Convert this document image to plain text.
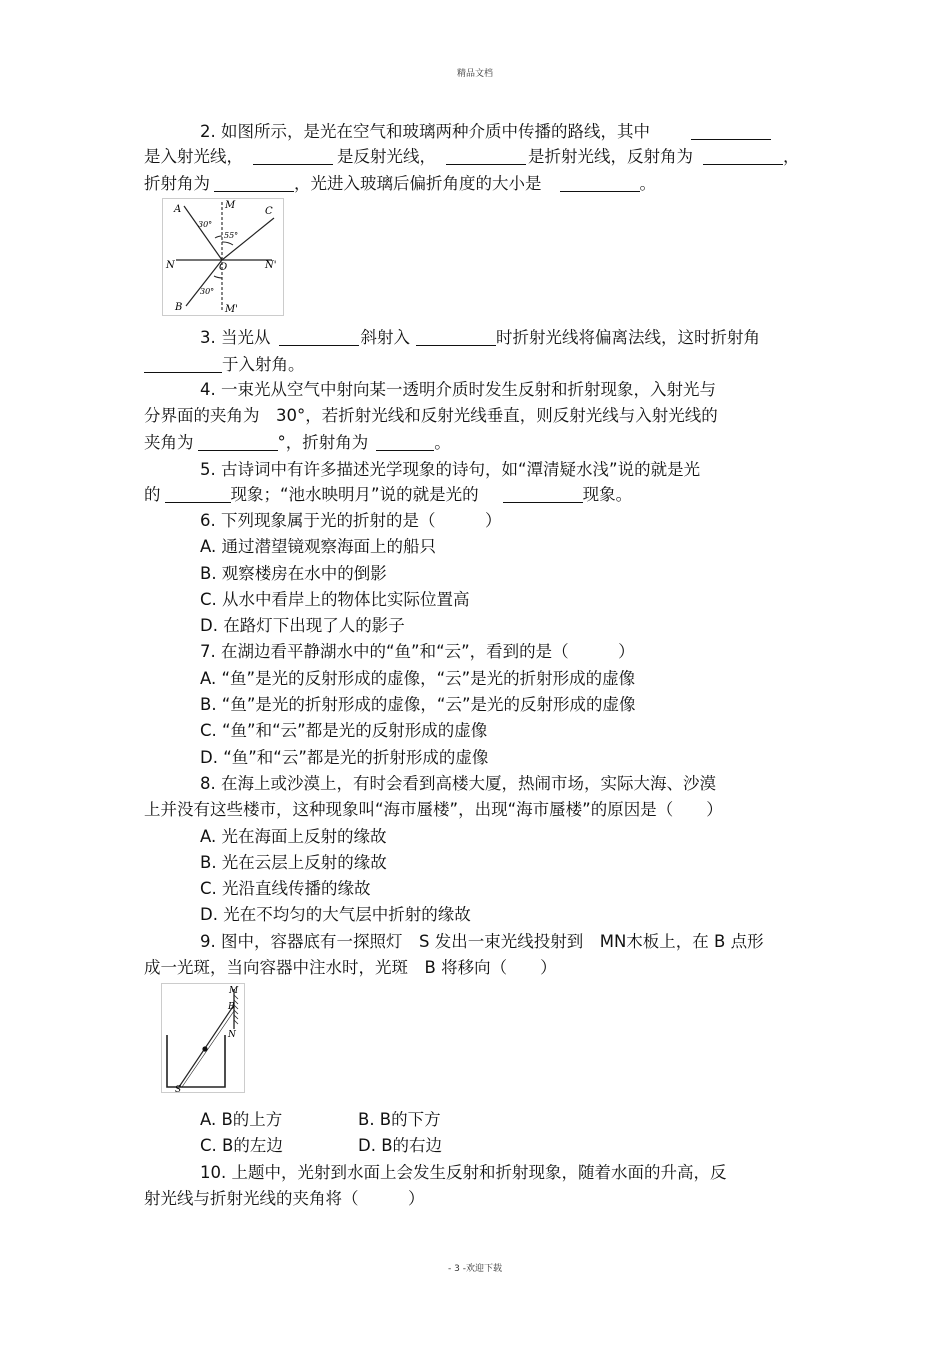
精品文档
2. 如图所示，是光在空气和玻璃两种介质中传播的路线，其中
是入射光线，	是反射光线，	是折射光线，反射角为	，
折射角为	，光进入玻璃后偏折角度的大小是	。
A	M
C
N	O	N'
B	M'
30°
55°
30°
3. 当光从	斜射入	时折射光线将偏离法线，这时折射角
于入射角。
4. 一束光从空气中射向某一透明介质时发生反射和折射现象，入射光与
分界面的夹角为　30°，若折射光线和反射光线垂直，则反射光线与入射光线的
夹角为	°，折射角为	。
5. 古诗词中有许多描述光学现象的诗句，如“潭清疑水浅”说的就是光
的	现象；“池水映明月”说的就是光的	现象。
6. 下列现象属于光的折射的是（　　　）
A. 通过潜望镜观察海面上的船只
B. 观察楼房在水中的倒影
C. 从水中看岸上的物体比实际位置高
D. 在路灯下出现了人的影子
7. 在湖边看平静湖水中的“鱼”和“云”，看到的是（　　　）
A. “鱼”是光的反射形成的虚像，“云”是光的折射形成的虚像
B. “鱼”是光的折射形成的虚像，“云”是光的反射形成的虚像
C. “鱼”和“云”都是光的反射形成的虚像
D. “鱼”和“云”都是光的折射形成的虚像
8. 在海上或沙漠上，有时会看到高楼大厦，热闹市场，实际大海、沙漠
上并没有这些楼市，这种现象叫“海市蜃楼”，出现“海市蜃楼”的原因是（　　）
A. 光在海面上反射的缘故
B. 光在云层上反射的缘故
C. 光沿直线传播的缘故
D. 光在不均匀的大气层中折射的缘故
9. 图中，容器底有一探照灯　S 发出一束光线投射到　MN木板上，在 B 点形
成一光斑，当向容器中注水时，光斑　B 将移向（　　）
M
B
N
S
A. B的上方	B. B的下方
C. B的左边	D. B的右边
10. 上题中，光射到水面上会发生反射和折射现象，随着水面的升高，反
射光线与折射光线的夹角将（　　　）
- 3 -欢迎下载
